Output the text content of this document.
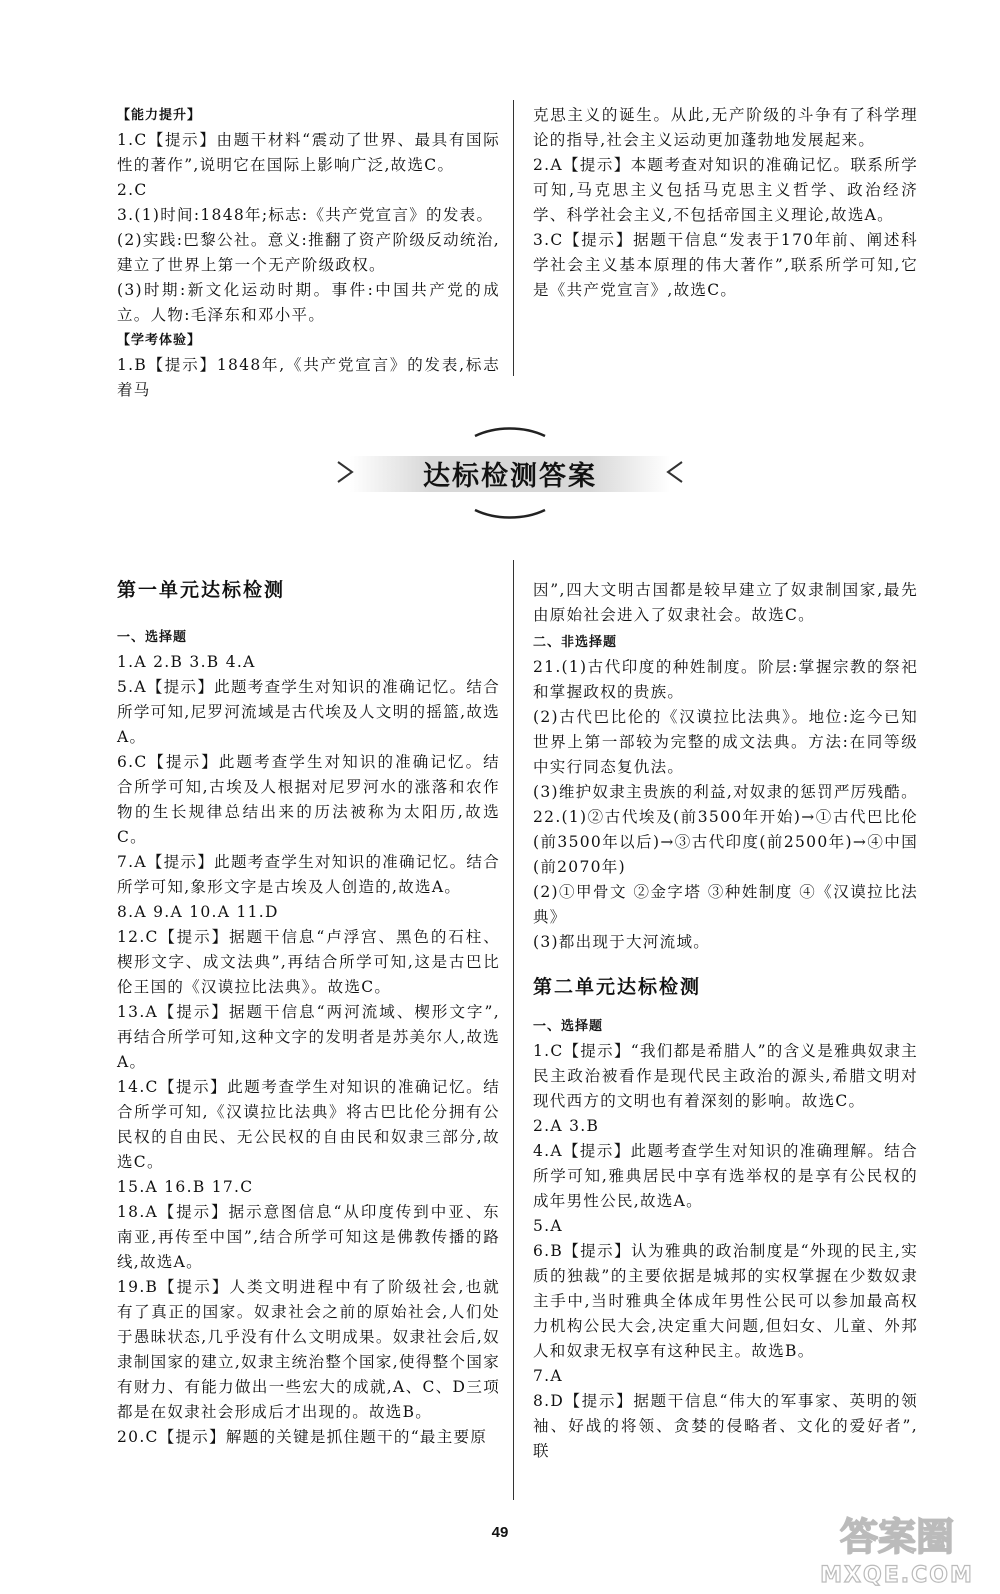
【能力提升】

1.C【提示】由题干材料“震动了世界、最具有国际性的著作”,说明它在国际上影响广泛,故选C。

2.C

3.(1)时间:1848年;标志:《共产党宣言》的发表。

(2)实践:巴黎公社。意义:推翻了资产阶级反动统治,建立了世界上第一个无产阶级政权。

(3)时期:新文化运动时期。事件:中国共产党的成立。人物:毛泽东和邓小平。

【学考体验】

1.B【提示】1848年,《共产党宣言》的发表,标志着马

克思主义的诞生。从此,无产阶级的斗争有了科学理论的指导,社会主义运动更加蓬勃地发展起来。

2.A【提示】本题考查对知识的准确记忆。联系所学可知,马克思主义包括马克思主义哲学、政治经济学、科学社会主义,不包括帝国主义理论,故选A。

3.C【提示】据题干信息“发表于170年前、阐述科学社会主义基本原理的伟大著作”,联系所学可知,它是《共产党宣言》,故选C。

达标检测答案

第一单元达标检测

一、选择题

1.A 2.B 3.B 4.A

5.A【提示】此题考查学生对知识的准确记忆。结合所学可知,尼罗河流域是古代埃及人文明的摇篮,故选A。

6.C【提示】此题考查学生对知识的准确记忆。结合所学可知,古埃及人根据对尼罗河水的涨落和农作物的生长规律总结出来的历法被称为太阳历,故选C。

7.A【提示】此题考查学生对知识的准确记忆。结合所学可知,象形文字是古埃及人创造的,故选A。

8.A 9.A 10.A 11.D

12.C【提示】据题干信息“卢浮宫、黑色的石柱、楔形文字、成文法典”,再结合所学可知,这是古巴比伦王国的《汉谟拉比法典》。故选C。

13.A【提示】据题干信息“两河流域、楔形文字”,再结合所学可知,这种文字的发明者是苏美尔人,故选A。

14.C【提示】此题考查学生对知识的准确记忆。结合所学可知,《汉谟拉比法典》将古巴比伦分拥有公民权的自由民、无公民权的自由民和奴隶三部分,故选C。

15.A 16.B 17.C

18.A【提示】据示意图信息“从印度传到中亚、东南亚,再传至中国”,结合所学可知这是佛教传播的路线,故选A。

19.B【提示】人类文明进程中有了阶级社会,也就有了真正的国家。奴隶社会之前的原始社会,人们处于愚昧状态,几乎没有什么文明成果。奴隶社会后,奴隶制国家的建立,奴隶主统治整个国家,使得整个国家有财力、有能力做出一些宏大的成就,A、C、D三项都是在奴隶社会形成后才出现的。故选B。

20.C【提示】解题的关键是抓住题干的“最主要原

因”,四大文明古国都是较早建立了奴隶制国家,最先由原始社会进入了奴隶社会。故选C。

二、非选择题

21.(1)古代印度的种姓制度。阶层:掌握宗教的祭祀和掌握政权的贵族。

(2)古代巴比伦的《汉谟拉比法典》。地位:迄今已知世界上第一部较为完整的成文法典。方法:在同等级中实行同态复仇法。

(3)维护奴隶主贵族的利益,对奴隶的惩罚严厉残酷。

22.(1)②古代埃及(前3500年开始)→①古代巴比伦(前3500年以后)→③古代印度(前2500年)→④中国(前2070年)

(2)①甲骨文 ②金字塔 ③种姓制度 ④《汉谟拉比法典》

(3)都出现于大河流域。

第二单元达标检测

一、选择题

1.C【提示】“我们都是希腊人”的含义是雅典奴隶主民主政治被看作是现代民主政治的源头,希腊文明对现代西方的文明也有着深刻的影响。故选C。

2.A 3.B

4.A【提示】此题考查学生对知识的准确理解。结合所学可知,雅典居民中享有选举权的是享有公民权的成年男性公民,故选A。

5.A

6.B【提示】认为雅典的政治制度是“外现的民主,实质的独裁”的主要依据是城邦的实权掌握在少数奴隶主手中,当时雅典全体成年男性公民可以参加最高权力机构公民大会,决定重大问题,但妇女、儿童、外邦人和奴隶无权享有这种民主。故选B。

7.A

8.D【提示】据题干信息“伟大的军事家、英明的领袖、好战的将领、贪婪的侵略者、文化的爱好者”,联

49	答案圈
MXQE.COM
